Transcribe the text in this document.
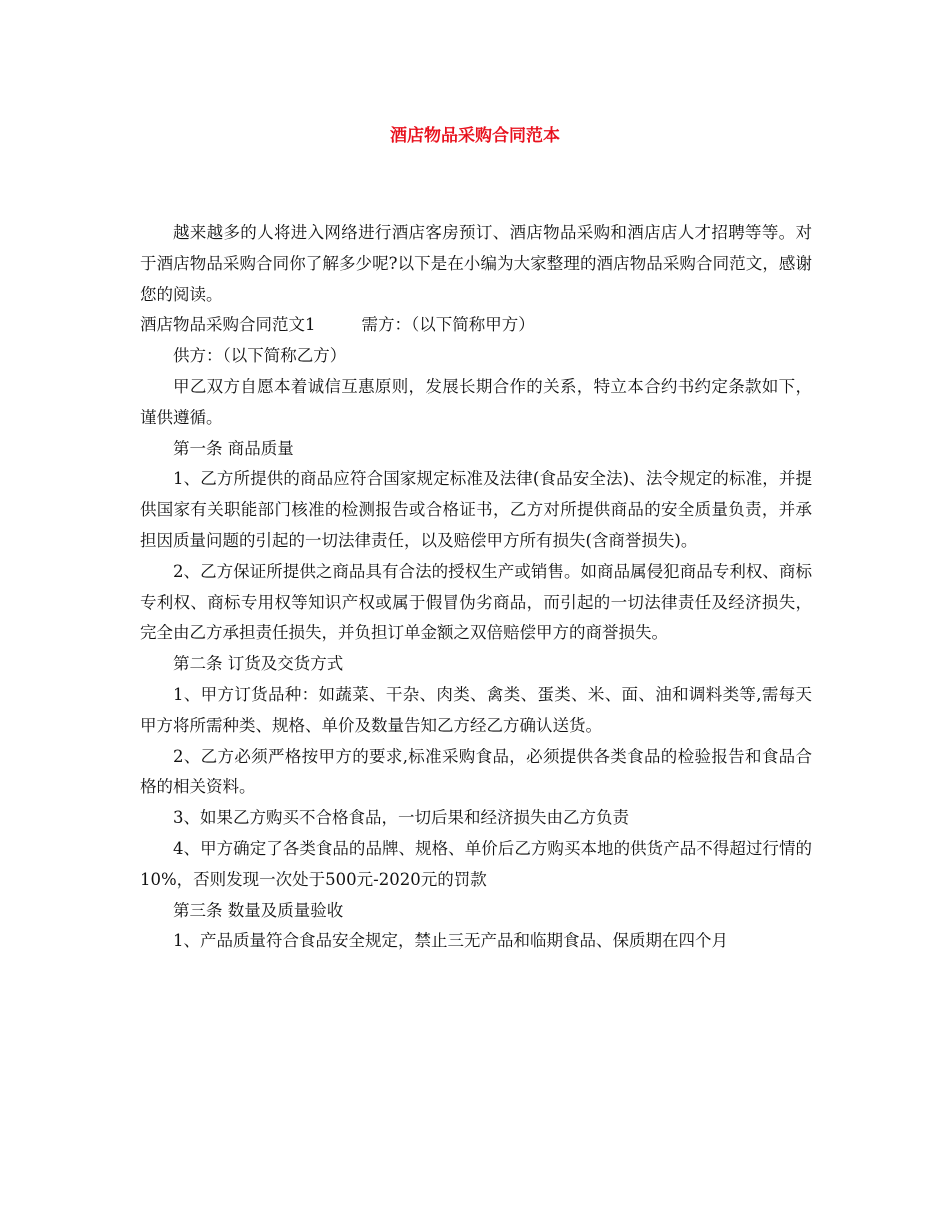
酒店物品采购合同范本

越来越多的人将进入网络进行酒店客房预订、酒店物品采购和酒店店人才招聘等等。对于酒店物品采购合同你了解多少呢?以下是在小编为大家整理的酒店物品采购合同范文，感谢您的阅读。

酒店物品采购合同范文1	需方：（以下简称甲方）

供方：（以下简称乙方）

甲乙双方自愿本着诚信互惠原则，发展长期合作的关系，特立本合约书约定条款如下，谨供遵循。

第一条 商品质量

1、乙方所提供的商品应符合国家规定标准及法律(食品安全法)、法令规定的标准，并提供国家有关职能部门核准的检测报告或合格证书，乙方对所提供商品的安全质量负责，并承担因质量问题的引起的一切法律责任，以及赔偿甲方所有损失(含商誉损失)。

2、乙方保证所提供之商品具有合法的授权生产或销售。如商品属侵犯商品专利权、商标专利权、商标专用权等知识产权或属于假冒伪劣商品，而引起的一切法律责任及经济损失，完全由乙方承担责任损失，并负担订单金额之双倍赔偿甲方的商誉损失。

第二条 订货及交货方式

1、甲方订货品种：如蔬菜、干杂、肉类、禽类、蛋类、米、面、油和调料类等,需每天甲方将所需种类、规格、单价及数量告知乙方经乙方确认送货。

2、乙方必须严格按甲方的要求,标准采购食品，必须提供各类食品的检验报告和食品合格的相关资料。

3、如果乙方购买不合格食品，一切后果和经济损失由乙方负责

4、甲方确定了各类食品的品牌、规格、单价后乙方购买本地的供货产品不得超过行情的10%，否则发现一次处于500元-2020元的罚款

第三条 数量及质量验收

1、产品质量符合食品安全规定，禁止三无产品和临期食品、保质期在四个月
